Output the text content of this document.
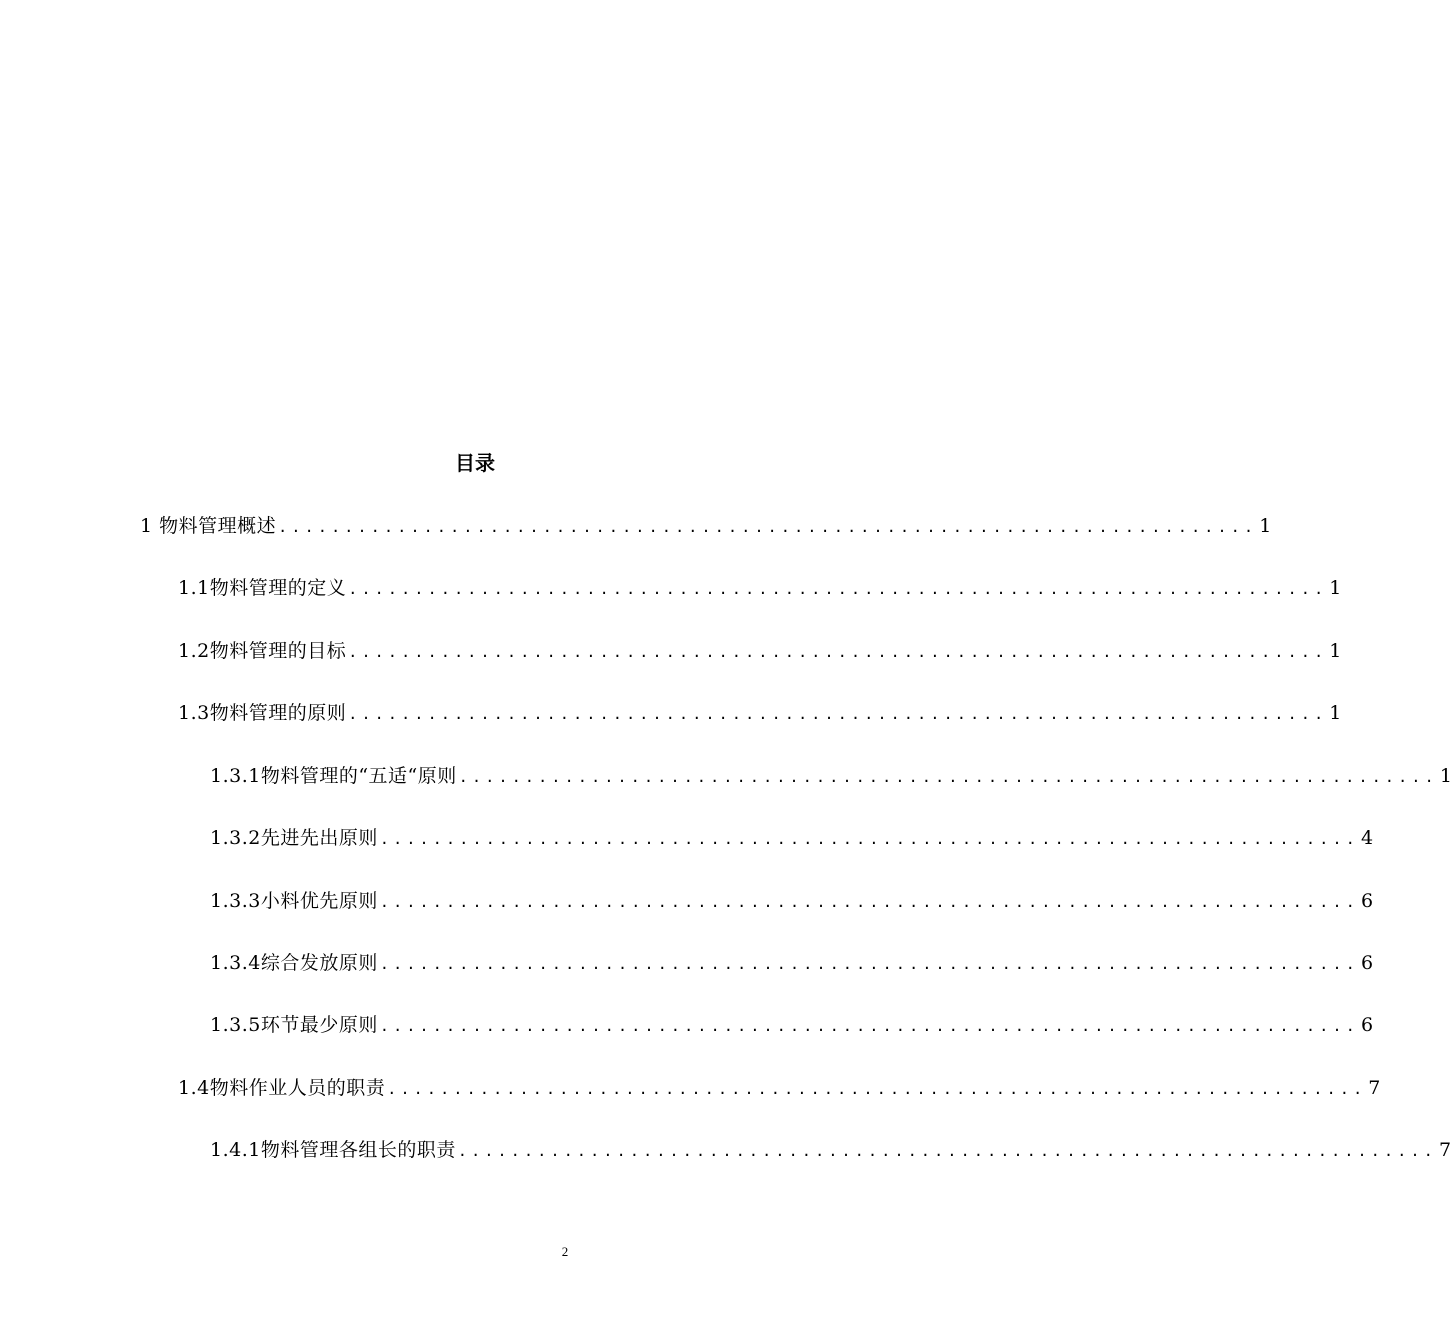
目录
1 物料管理概述 .......................................................................... 1
1.1物料管理的定义 .......................................................................... 1
1.2物料管理的目标 .......................................................................... 1
1.3物料管理的原则 .......................................................................... 1
1.3.1物料管理的“五适“原则 .......................................................................... 1
1.3.2先进先出原则 .......................................................................... 4
1.3.3小料优先原则 .......................................................................... 6
1.3.4综合发放原则 .......................................................................... 6
1.3.5环节最少原则 .......................................................................... 6
1.4物料作业人员的职责 .......................................................................... 7
1.4.1物料管理各组长的职责 .......................................................................... 7
2
